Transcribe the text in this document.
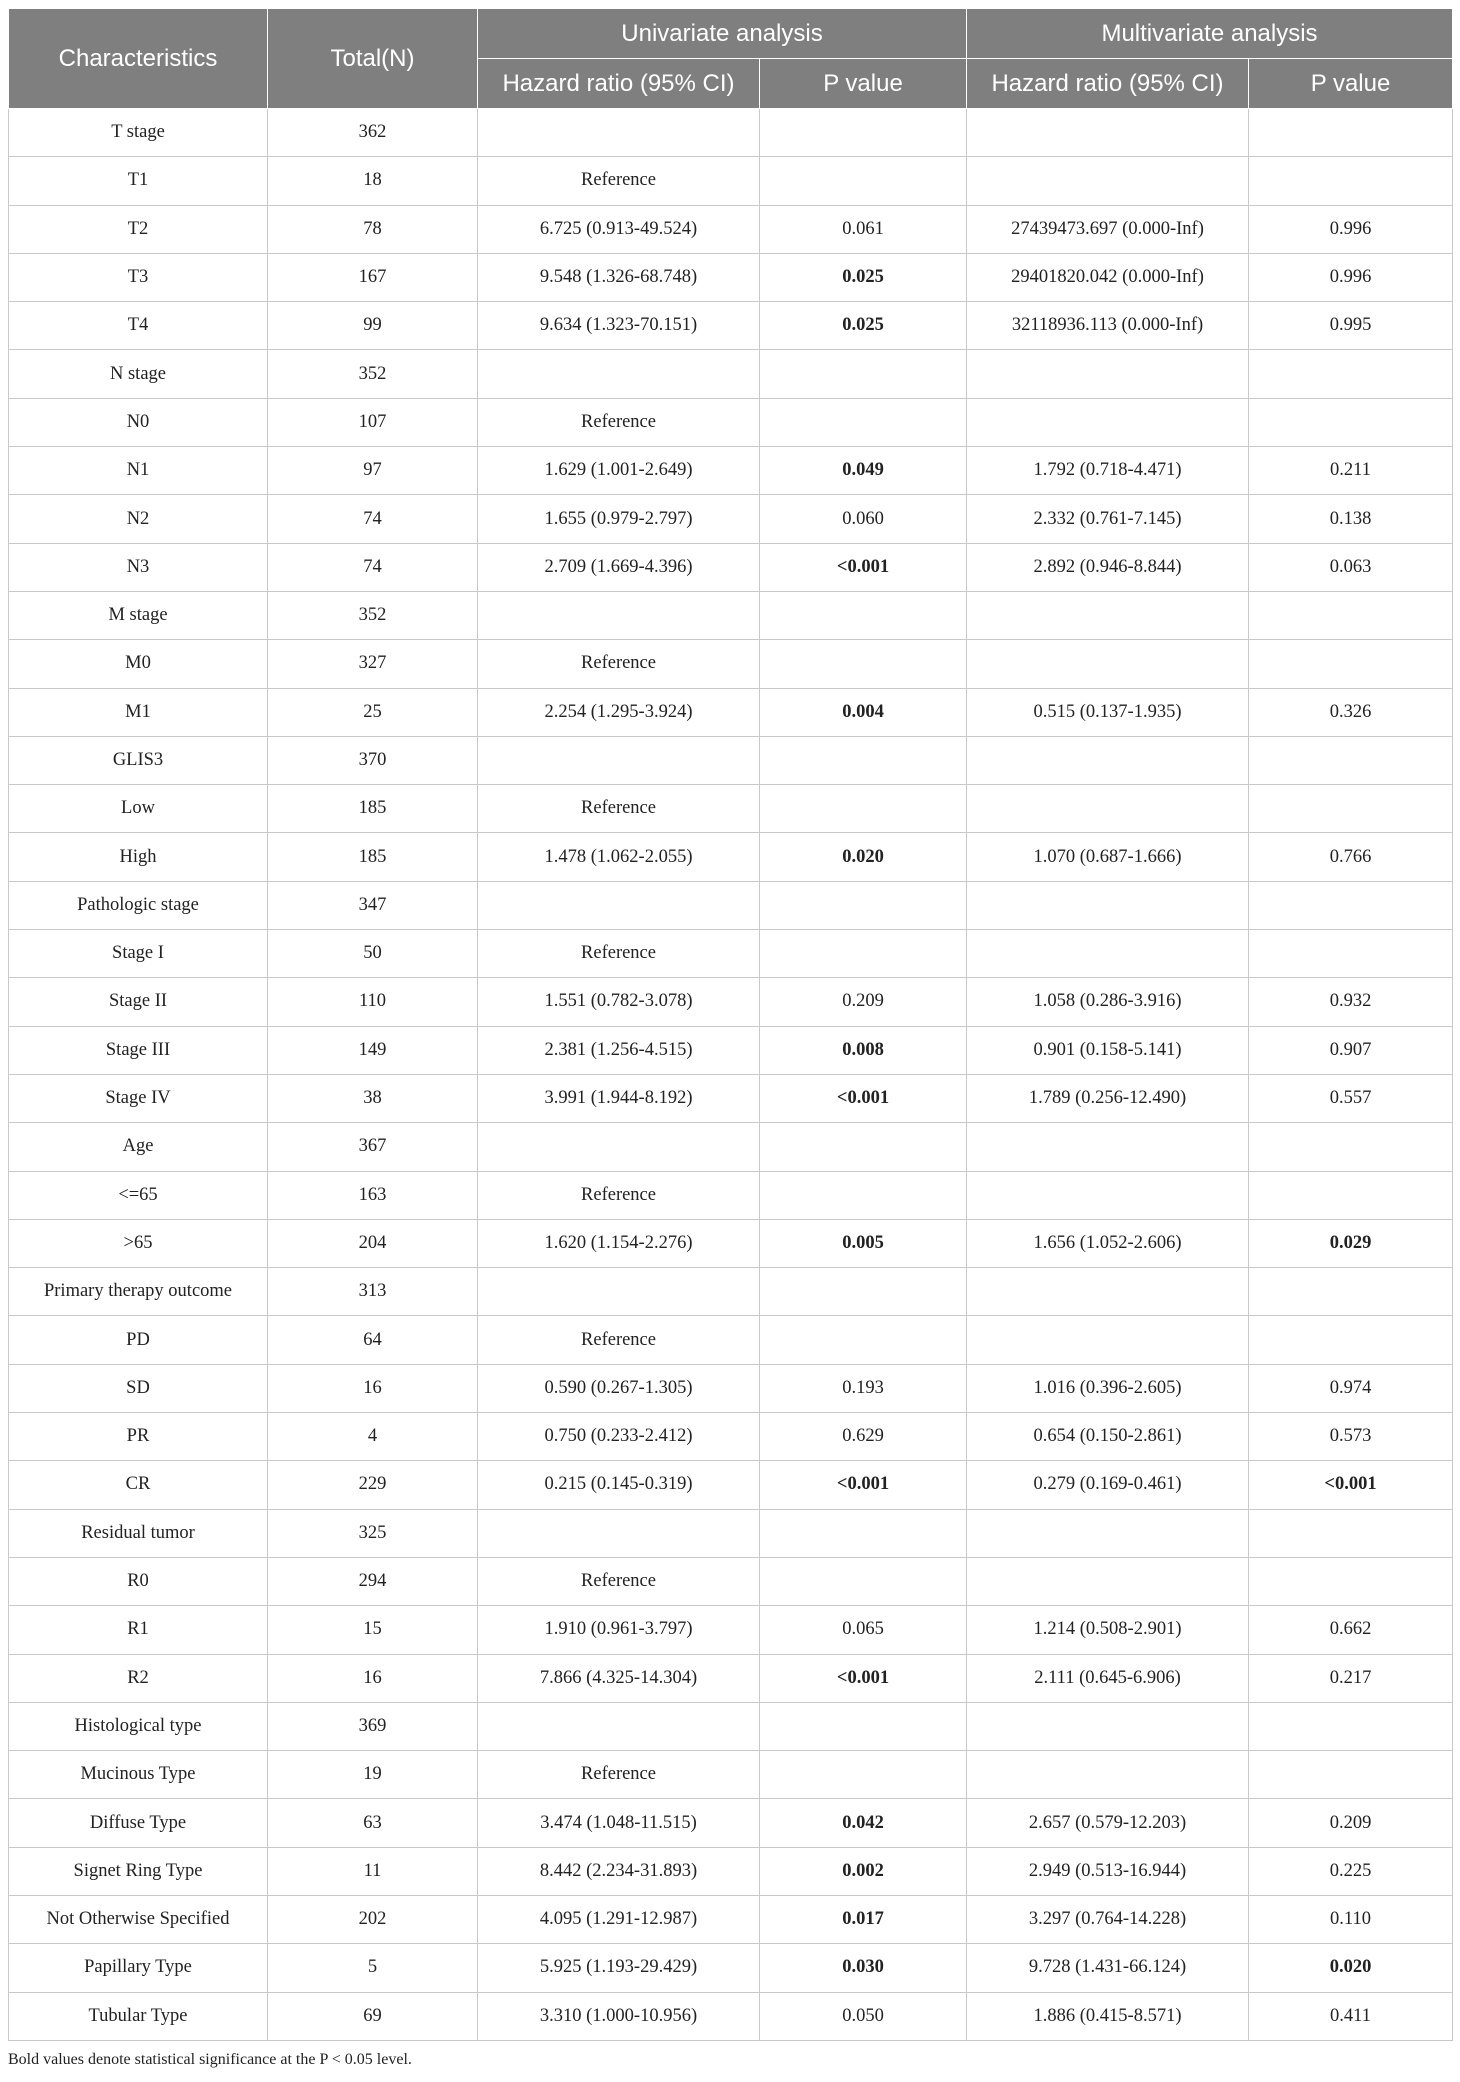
Characteristics	Total(N)	Univariate analysis		Multivariate analysis	
		Hazard ratio (95% CI)	P value	Hazard ratio (95% CI)	P value
T stage	362				
T1	18	Reference			
T2	78	6.725 (0.913-49.524)	0.061	27439473.697 (0.000-Inf)	0.996
T3	167	9.548 (1.326-68.748)	0.025	29401820.042 (0.000-Inf)	0.996
T4	99	9.634 (1.323-70.151)	0.025	32118936.113 (0.000-Inf)	0.995
N stage	352				
N0	107	Reference			
N1	97	1.629 (1.001-2.649)	0.049	1.792 (0.718-4.471)	0.211
N2	74	1.655 (0.979-2.797)	0.060	2.332 (0.761-7.145)	0.138
N3	74	2.709 (1.669-4.396)	<0.001	2.892 (0.946-8.844)	0.063
M stage	352				
M0	327	Reference			
M1	25	2.254 (1.295-3.924)	0.004	0.515 (0.137-1.935)	0.326
GLIS3	370				
Low	185	Reference			
High	185	1.478 (1.062-2.055)	0.020	1.070 (0.687-1.666)	0.766
Pathologic stage	347				
Stage I	50	Reference			
Stage II	110	1.551 (0.782-3.078)	0.209	1.058 (0.286-3.916)	0.932
Stage III	149	2.381 (1.256-4.515)	0.008	0.901 (0.158-5.141)	0.907
Stage IV	38	3.991 (1.944-8.192)	<0.001	1.789 (0.256-12.490)	0.557
Age	367				
<=65	163	Reference			
>65	204	1.620 (1.154-2.276)	0.005	1.656 (1.052-2.606)	0.029
Primary therapy outcome	313				
PD	64	Reference			
SD	16	0.590 (0.267-1.305)	0.193	1.016 (0.396-2.605)	0.974
PR	4	0.750 (0.233-2.412)	0.629	0.654 (0.150-2.861)	0.573
CR	229	0.215 (0.145-0.319)	<0.001	0.279 (0.169-0.461)	<0.001
Residual tumor	325				
R0	294	Reference			
R1	15	1.910 (0.961-3.797)	0.065	1.214 (0.508-2.901)	0.662
R2	16	7.866 (4.325-14.304)	<0.001	2.111 (0.645-6.906)	0.217
Histological type	369				
Mucinous Type	19	Reference			
Diffuse Type	63	3.474 (1.048-11.515)	0.042	2.657 (0.579-12.203)	0.209
Signet Ring Type	11	8.442 (2.234-31.893)	0.002	2.949 (0.513-16.944)	0.225
Not Otherwise Specified	202	4.095 (1.291-12.987)	0.017	3.297 (0.764-14.228)	0.110
Papillary Type	5	5.925 (1.193-29.429)	0.030	9.728 (1.431-66.124)	0.020
Tubular Type	69	3.310 (1.000-10.956)	0.050	1.886 (0.415-8.571)	0.411
Bold values denote statistical significance at the P < 0.05 level.
